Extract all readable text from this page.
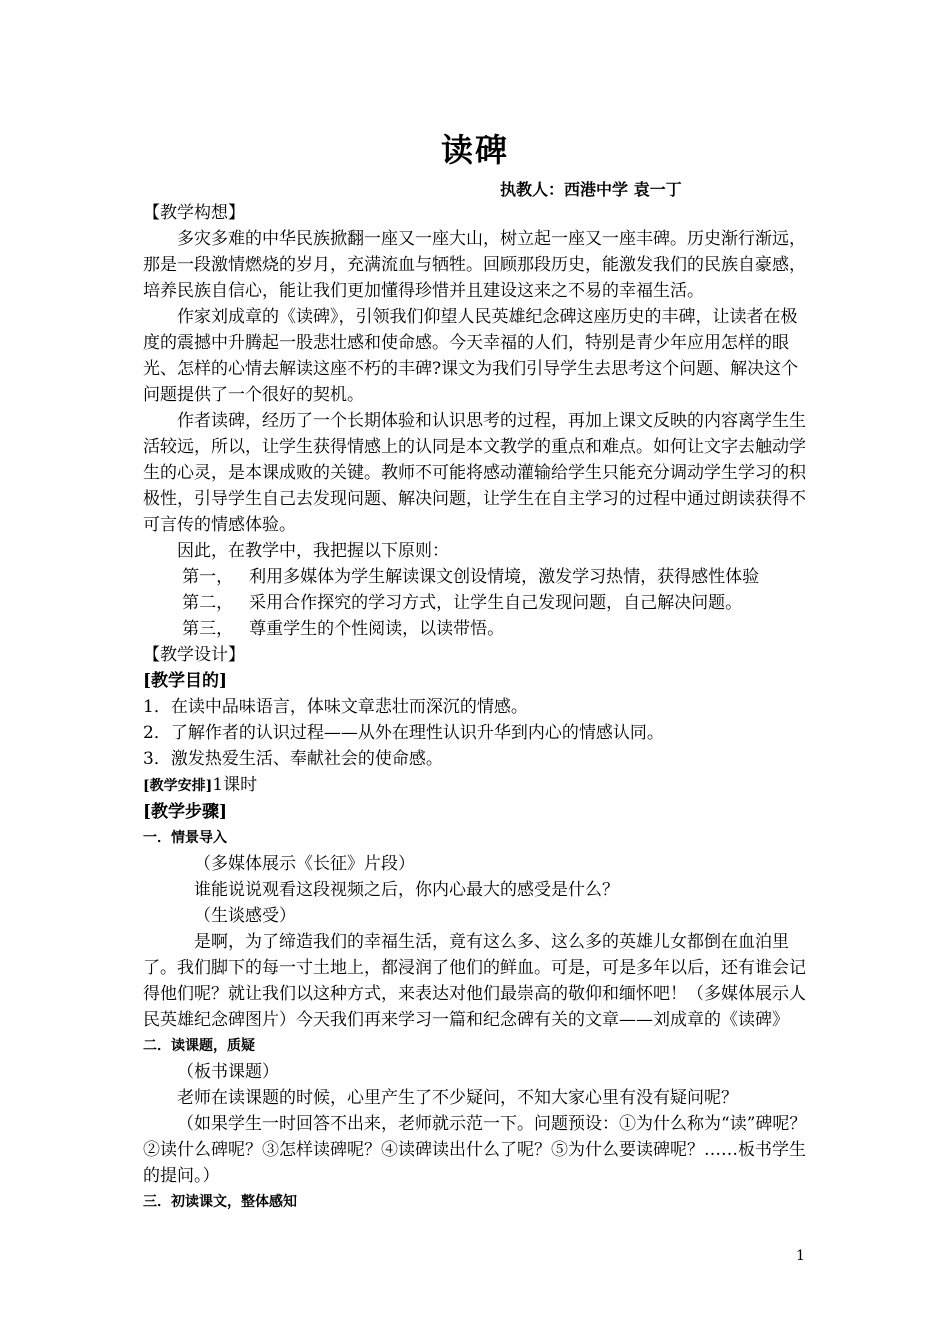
读碑
执教人：西港中学 袁一丁

【教学构想】

多灾多难的中华民族掀翻一座又一座大山，树立起一座又一座丰碑。历史渐行渐远，那是一段激情燃烧的岁月，充满流血与牺牲。回顾那段历史，能激发我们的民族自豪感，培养民族自信心，能让我们更加懂得珍惜并且建设这来之不易的幸福生活。

作家刘成章的《读碑》，引领我们仰望人民英雄纪念碑这座历史的丰碑，让读者在极度的震撼中升腾起一股悲壮感和使命感。今天幸福的人们，特别是青少年应用怎样的眼光、怎样的心情去解读这座不朽的丰碑?课文为我们引导学生去思考这个问题、解决这个问题提供了一个很好的契机。

作者读碑，经历了一个长期体验和认识思考的过程，再加上课文反映的内容离学生生活较远，所以，让学生获得情感上的认同是本文教学的重点和难点。如何让文字去触动学生的心灵，是本课成败的关键。教师不可能将感动灌输给学生只能充分调动学生学习的积极性，引导学生自己去发现问题、解决问题，让学生在自主学习的过程中通过朗读获得不可言传的情感体验。

因此，在教学中，我把握以下原则：

第一， 利用多媒体为学生解读课文创设情境，激发学习热情，获得感性体验

第二， 采用合作探究的学习方式，让学生自己发现问题，自己解决问题。

第三， 尊重学生的个性阅读，以读带悟。

【教学设计】

[教学目的]

1．在读中品味语言，体味文章悲壮而深沉的情感。

2．了解作者的认识过程——从外在理性认识升华到内心的情感认同。

3．激发热爱生活、奉献社会的使命感。

[教学安排]1课时

[教学步骤]

一．情景导入

（多媒体展示《长征》片段）

谁能说说观看这段视频之后，你内心最大的感受是什么？

（生谈感受）

是啊，为了缔造我们的幸福生活，竟有这么多、这么多的英雄儿女都倒在血泊里了。我们脚下的每一寸土地上，都浸润了他们的鲜血。可是，可是多年以后，还有谁会记得他们呢？就让我们以这种方式，来表达对他们最崇高的敬仰和缅怀吧！（多媒体展示人民英雄纪念碑图片）今天我们再来学习一篇和纪念碑有关的文章——刘成章的《读碑》

二．读课题，质疑

（板书课题）

老师在读课题的时候，心里产生了不少疑问，不知大家心里有没有疑问呢？

（如果学生一时回答不出来，老师就示范一下。问题预设：①为什么称为“读”碑呢？②读什么碑呢？③怎样读碑呢？④读碑读出什么了呢？⑤为什么要读碑呢？……板书学生的提问。）

三．初读课文，整体感知

1
